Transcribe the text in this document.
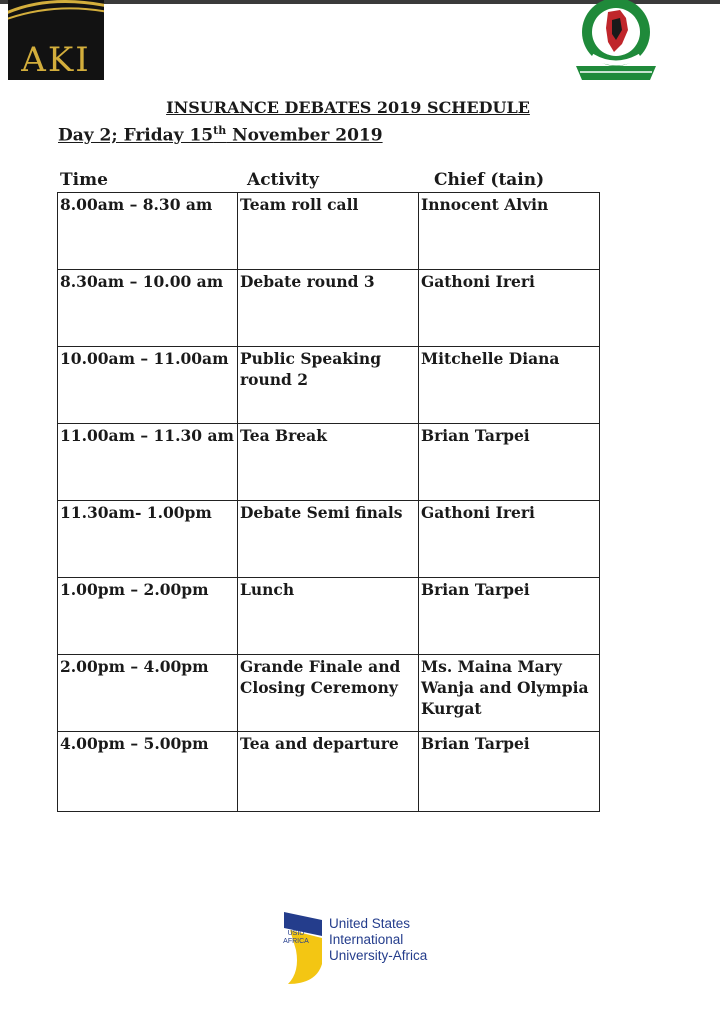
AKI
INSURANCE DEBATES 2019 SCHEDULE
Day 2; Friday 15th November 2019
Time	Activity	Chief (tain)
8.00am – 8.30 am	Team roll call	Innocent Alvin
8.30am – 10.00 am	Debate round 3	Gathoni Ireri
10.00am – 11.00am	Public Speaking round 2	Mitchelle Diana
11.00am – 11.30 am	Tea Break	Brian Tarpei
11.30am- 1.00pm	Debate Semi finals	Gathoni Ireri
1.00pm – 2.00pm	Lunch	Brian Tarpei
2.00pm – 4.00pm	Grande Finale and Closing Ceremony	Ms. Maina Mary Wanja and Olympia Kurgat
4.00pm – 5.00pm	Tea and departure	Brian Tarpei
USIU AFRICA
United States
International
University-Africa
